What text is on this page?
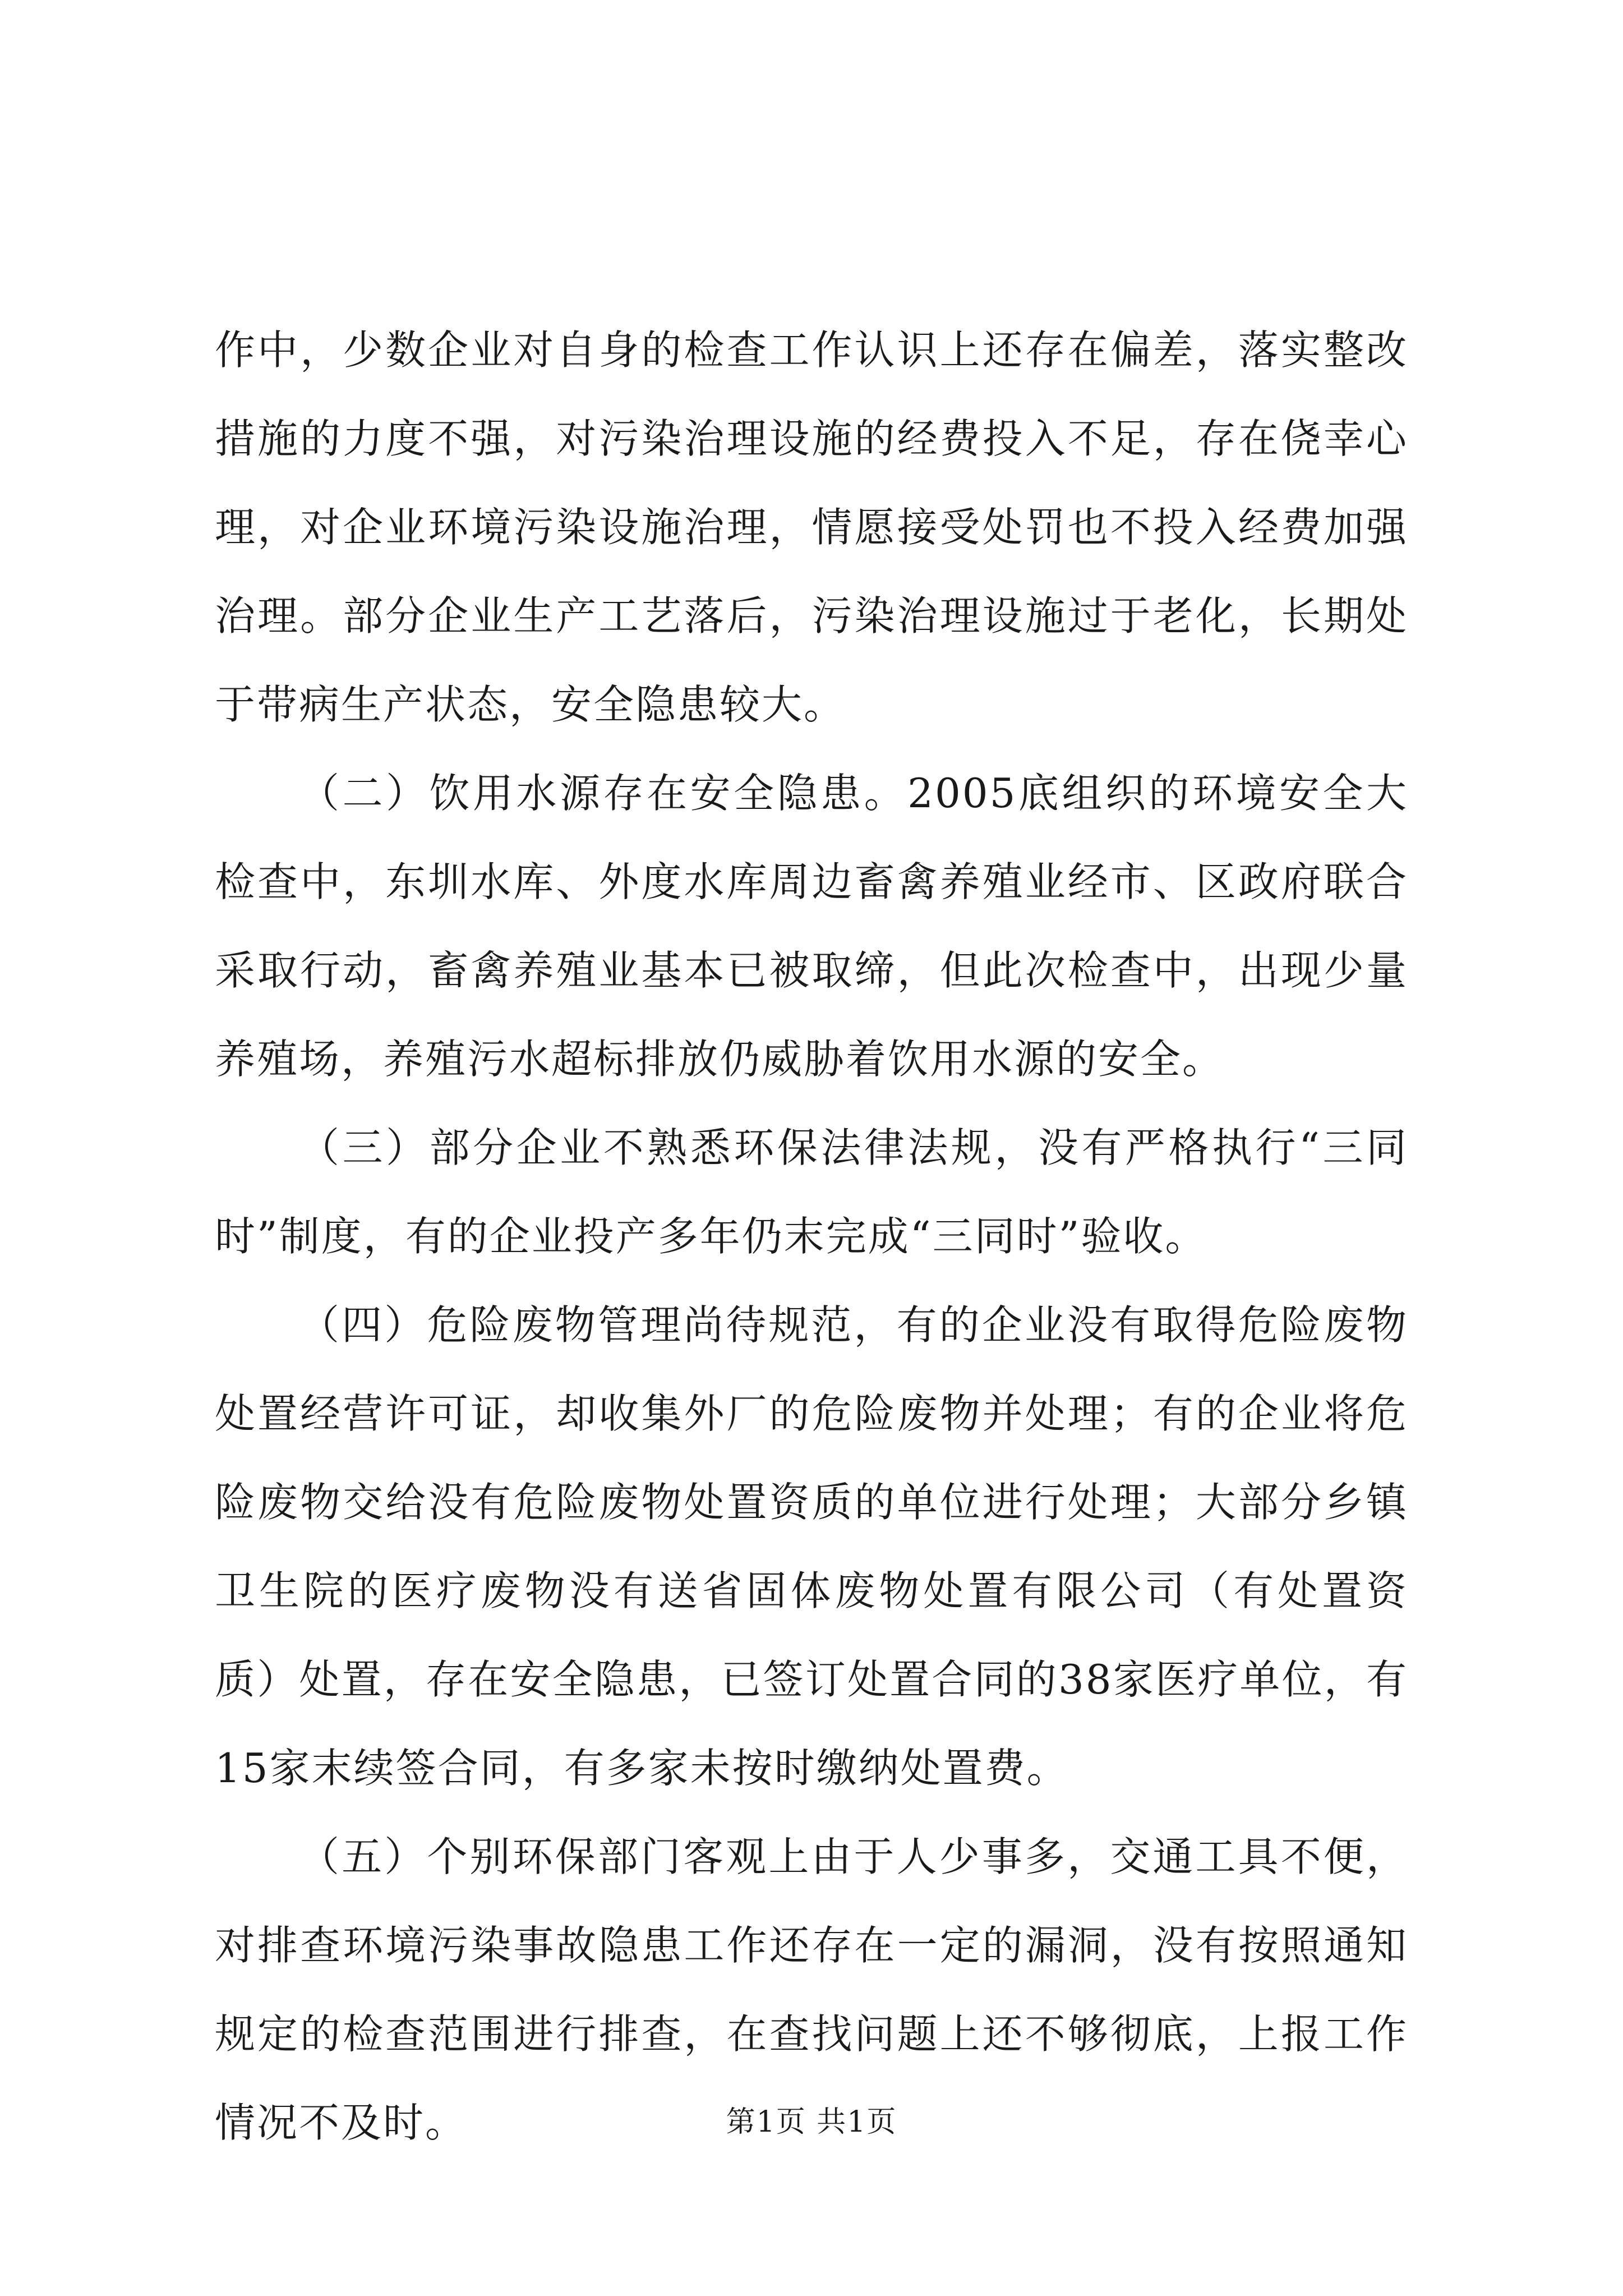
作中，少数企业对自身的检查工作认识上还存在偏差，落实整改措施的力度不强，对污染治理设施的经费投入不足，存在侥幸心理，对企业环境污染设施治理，情愿接受处罚也不投入经费加强治理。部分企业生产工艺落后，污染治理设施过于老化，长期处于带病生产状态，安全隐患较大。

（二）饮用水源存在安全隐患。2005底组织的环境安全大检查中，东圳水库、外度水库周边畜禽养殖业经市、区政府联合采取行动，畜禽养殖业基本已被取缔，但此次检查中，出现少量养殖场，养殖污水超标排放仍威胁着饮用水源的安全。

（三）部分企业不熟悉环保法律法规，没有严格执行“三同时”制度，有的企业投产多年仍末完成“三同时”验收。

（四）危险废物管理尚待规范，有的企业没有取得危险废物处置经营许可证，却收集外厂的危险废物并处理；有的企业将危险废物交给没有危险废物处置资质的单位进行处理；大部分乡镇卫生院的医疗废物没有送省固体废物处置有限公司（有处置资质）处置，存在安全隐患，已签订处置合同的38家医疗单位，有15家末续签合同，有多家未按时缴纳处置费。

（五）个别环保部门客观上由于人少事多，交通工具不便，对排查环境污染事故隐患工作还存在一定的漏洞，没有按照通知规定的检查范围进行排查，在查找问题上还不够彻底，上报工作情况不及时。	第1页 共1页
